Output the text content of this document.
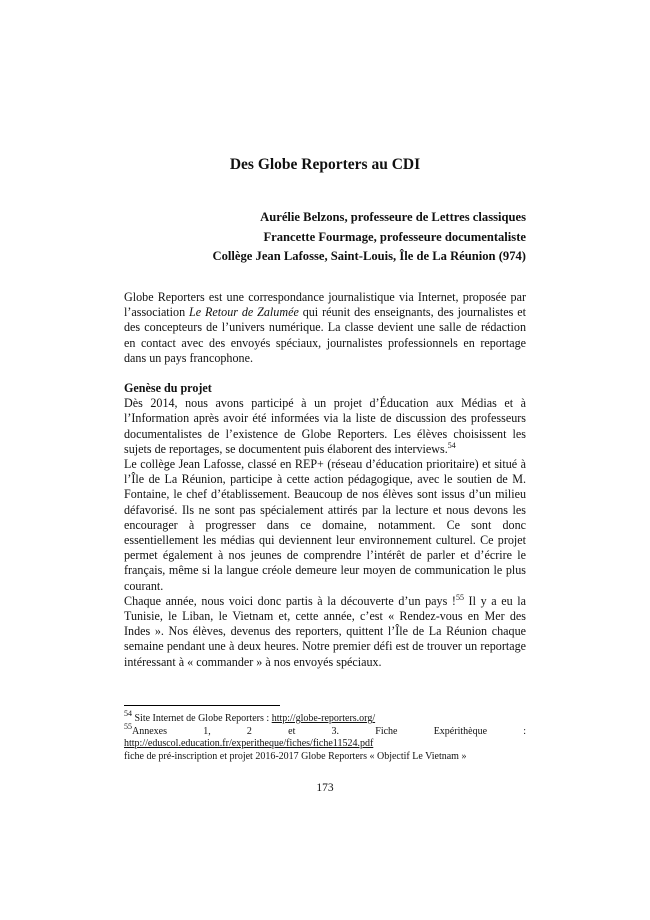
Des Globe Reporters au CDI
Aurélie Belzons, professeure de Lettres classiques
Francette Fourmage, professeure documentaliste
Collège Jean Lafosse, Saint-Louis, Île de La Réunion (974)

Globe Reporters est une correspondance journalistique via Internet, proposée par l’association Le Retour de Zalumée qui réunit des enseignants, des journalistes et des concepteurs de l’univers numérique. La classe devient une salle de rédaction en contact avec des envoyés spéciaux, journalistes professionnels en reportage dans un pays francophone.

Genèse du projet

Dès 2014, nous avons participé à un projet d’Éducation aux Médias et à l’Information après avoir été informées via la liste de discussion des professeurs documentalistes de l’existence de Globe Reporters. Les élèves choisissent les sujets de reportages, se documentent puis élaborent des interviews.$^{54}$

Le collège Jean Lafosse, classé en REP+ (réseau d’éducation prioritaire) et situé à l’Île de La Réunion, participe à cette action pédagogique, avec le soutien de M. Fontaine, le chef d’établissement. Beaucoup de nos élèves sont issus d’un milieu défavorisé. Ils ne sont pas spécialement attirés par la lecture et nous devons les encourager à progresser dans ce domaine, notamment. Ce sont donc essentiellement les médias qui deviennent leur environnement culturel. Ce projet permet également à nos jeunes de comprendre l’intérêt de parler et d’écrire le français, même si la langue créole demeure leur moyen de communication le plus courant.

Chaque année, nous voici donc partis à la découverte d’un pays !$^{55}$ Il y a eu la Tunisie, le Liban, le Vietnam et, cette année, c’est « Rendez-vous en Mer des Indes ». Nos élèves, devenus des reporters, quittent l’Île de La Réunion chaque semaine pendant une à deux heures. Notre premier défi est de trouver un reportage intéressant à « commander » à nos envoyés spéciaux.

$^{54}$ Site Internet de Globe Reporters : http://globe-reporters.org/

$^{55}$Annexes 1, 2 et 3. Fiche Expérithèque : http://eduscol.education.fr/experitheque/fiches/fiche11524.pdf

fiche de pré-inscription et projet 2016-2017 Globe Reporters « Objectif Le Vietnam »

173
